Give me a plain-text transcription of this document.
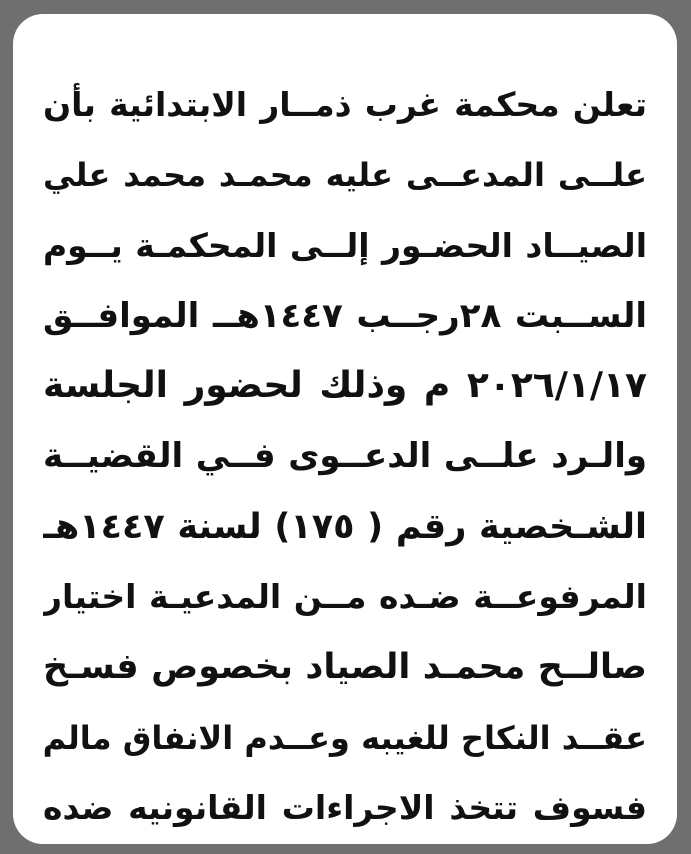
تعلن محكمة غرب ذمــار الابتدائية بأن
علــى المدعــى عليه محمـد محمد علي
الصيــاد الحضـور إلــى المحكمـة يــوم
الســبت ٢٨رجــب ١٤٤٧هــ الموافــق
٢٠٢٦/١/١٧ م وذلك لحضور الجلسة
والـرد علــى الدعــوى فــي القضيــة
الشـخصية رقم ( ١٧٥) لسنة ١٤٤٧هـ
المرفوعــة ضـده مــن المدعيـة اختيار
صالــح محمـد الصياد بخصوص فسـخ
عقــد النكاح للغيبه وعــدم الانفاق مالم
فسوف تتخذ الاجراءات القانونيه ضده
